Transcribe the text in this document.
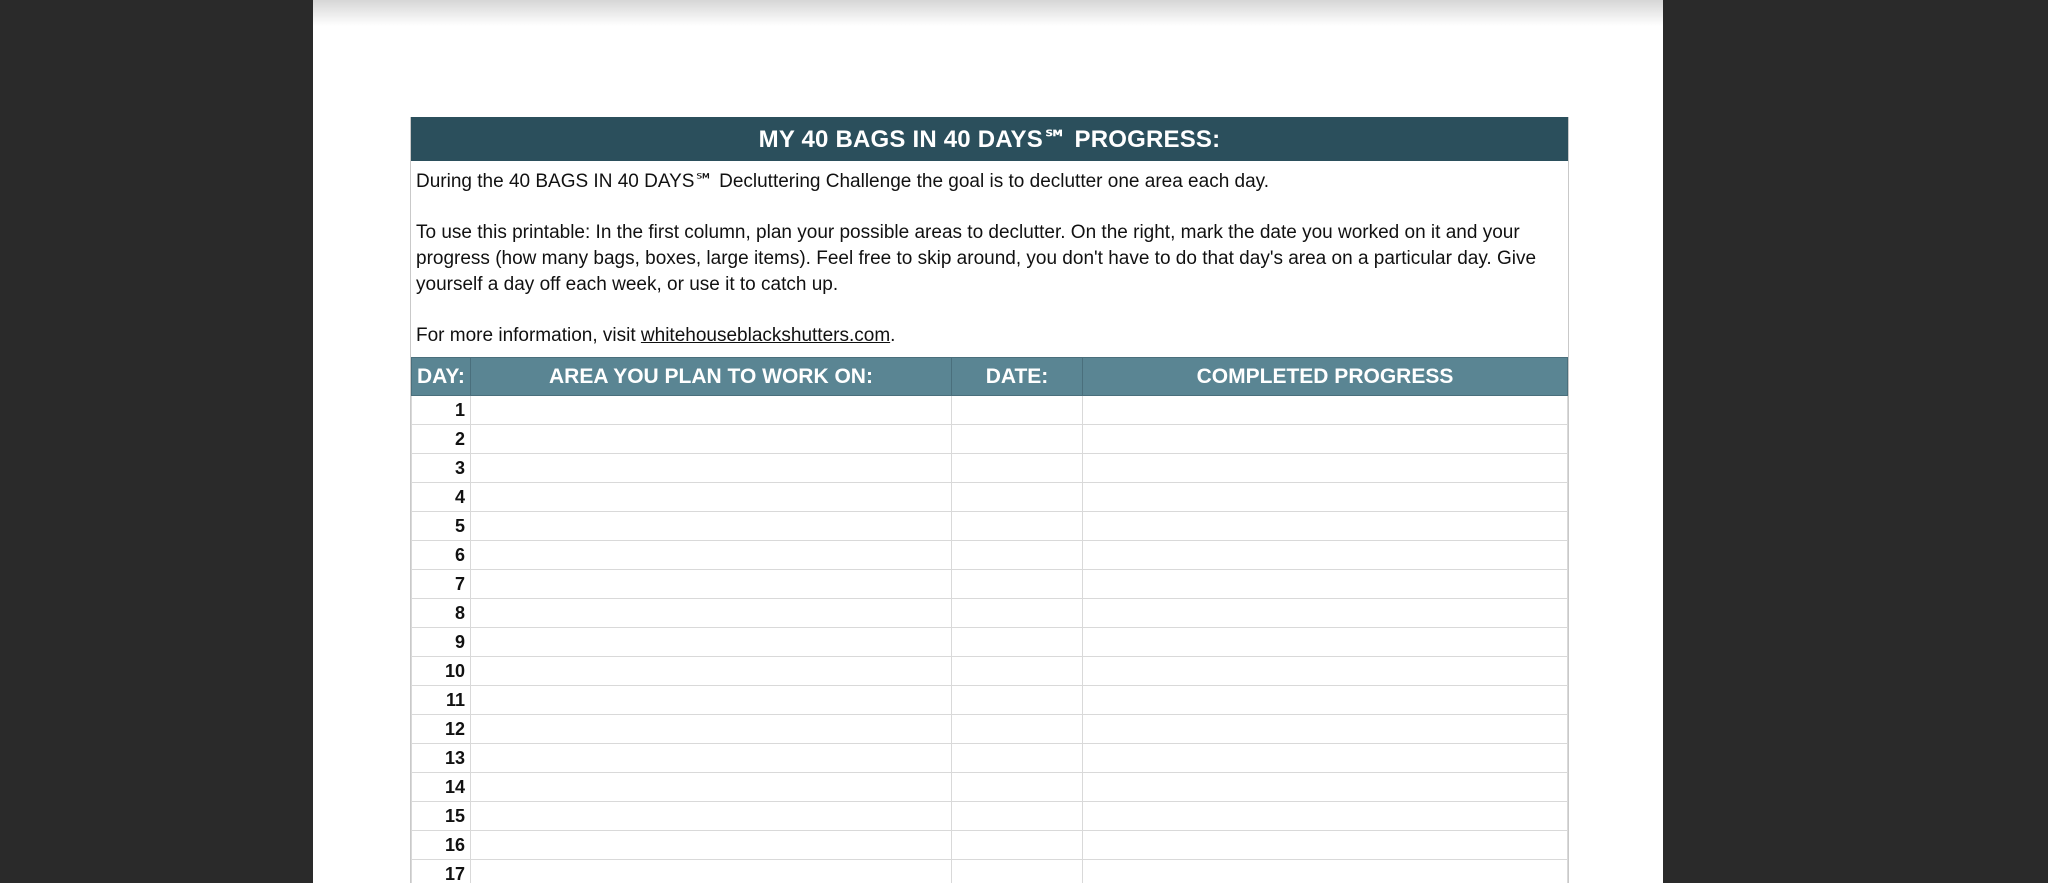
MY 40 BAGS IN 40 DAYS℠ PROGRESS:

During the 40 BAGS IN 40 DAYS℠ Decluttering Challenge the goal is to declutter one area each day.

To use this printable: In the first column, plan your possible areas to declutter. On the right, mark the date you worked on it and your progress (how many bags, boxes, large items). Feel free to skip around, you don't have to do that day's area on a particular day. Give yourself a day off each week, or use it to catch up.

For more information, visit whitehouseblackshutters.com.

DAY:	AREA YOU PLAN TO WORK ON:	DATE:	COMPLETED PROGRESS
1			
2			
3			
4			
5			
6			
7			
8			
9			
10			
11			
12			
13			
14			
15			
16			
17			
